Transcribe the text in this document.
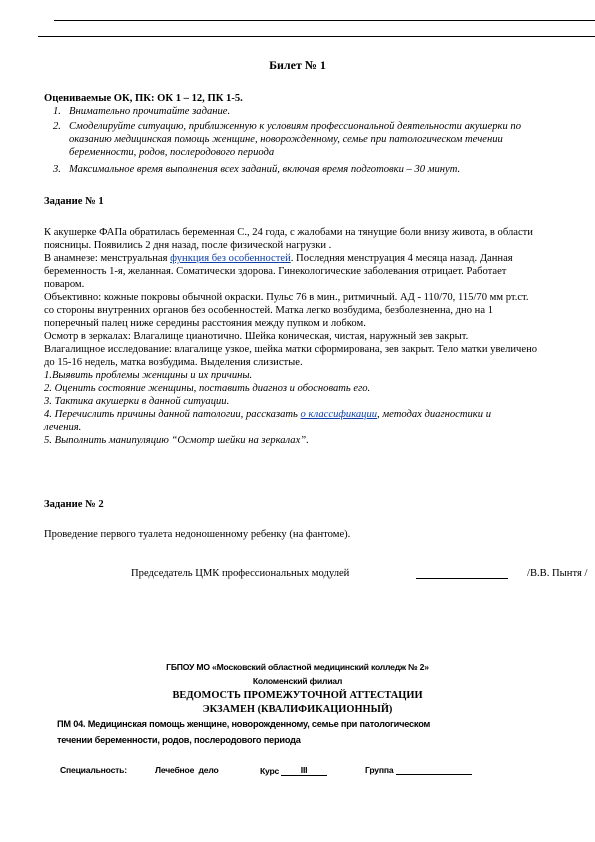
Билет № 1
Оцениваемые ОК, ПК: ОК 1 – 12, ПК 1-5.
1. Внимательно прочитайте задание.
2. Смоделируйте ситуацию, приближенную к условиям профессиональной деятельности акушерки по
оказанию медицинская помощь женщине, новорожденному, семье при патологическом течении
беременности, родов, послеродового периода
3. Максимальное время выполнения всех заданий, включая время подготовки – 30 минут.
Задание № 1
К акушерке ФАПа обратилась беременная С., 24 года, с жалобами на тянущие боли внизу живота, в области
поясницы. Появились 2 дня назад, после физической нагрузки .
В анамнезе: менструальная функция без особенностей. Последняя менструация 4 месяца назад. Данная
беременность 1-я, желанная. Соматически здорова. Гинекологические заболевания отрицает. Работает
поваром.
Объективно: кожные покровы обычной окраски. Пульс 76 в мин., ритмичный. АД - 110/70, 115/70 мм рт.ст.
со стороны внутренних органов без особенностей. Матка легко возбудима, безболезненна, дно на 1
поперечный палец ниже середины расстояния между пупком и лобком.
Осмотр в зеркалах: Влагалище цианотично. Шейка коническая, чистая, наружный зев закрыт.
Влагалищное исследование: влагалище узкое, шейка матки сформирована, зев закрыт. Тело матки увеличено
до 15-16 недель, матка возбудима. Выделения слизистые.
1.Выявить проблемы женщины и их причины.
2. Оценить состояние женщины, поставить диагноз и обосновать его.
3. Тактика акушерки в данной ситуации.
4. Перечислить причины данной патологии, рассказать о классификации, методах диагностики и
лечения.
5. Выполнить манипуляцию “Осмотр шейки на зеркалах”.
Задание № 2
Проведение первого туалета недоношенному ребенку (на фантоме).
Председатель ЦМК профессиональных модулей	/В.В. Пынтя /
ГБПОУ МО «Московский областной медицинский колледж № 2»
Коломенский филиал
ВЕДОМОСТЬ ПРОМЕЖУТОЧНОЙ АТТЕСТАЦИИ
ЭКЗАМЕН (КВАЛИФИКАЦИОННЫЙ)
ПМ 04. Медицинская помощь женщине, новорожденному, семье при патологическом
течении беременности, родов, послеродового периода
Специальность:	Лечебное  дело	Курс	III	Группа
